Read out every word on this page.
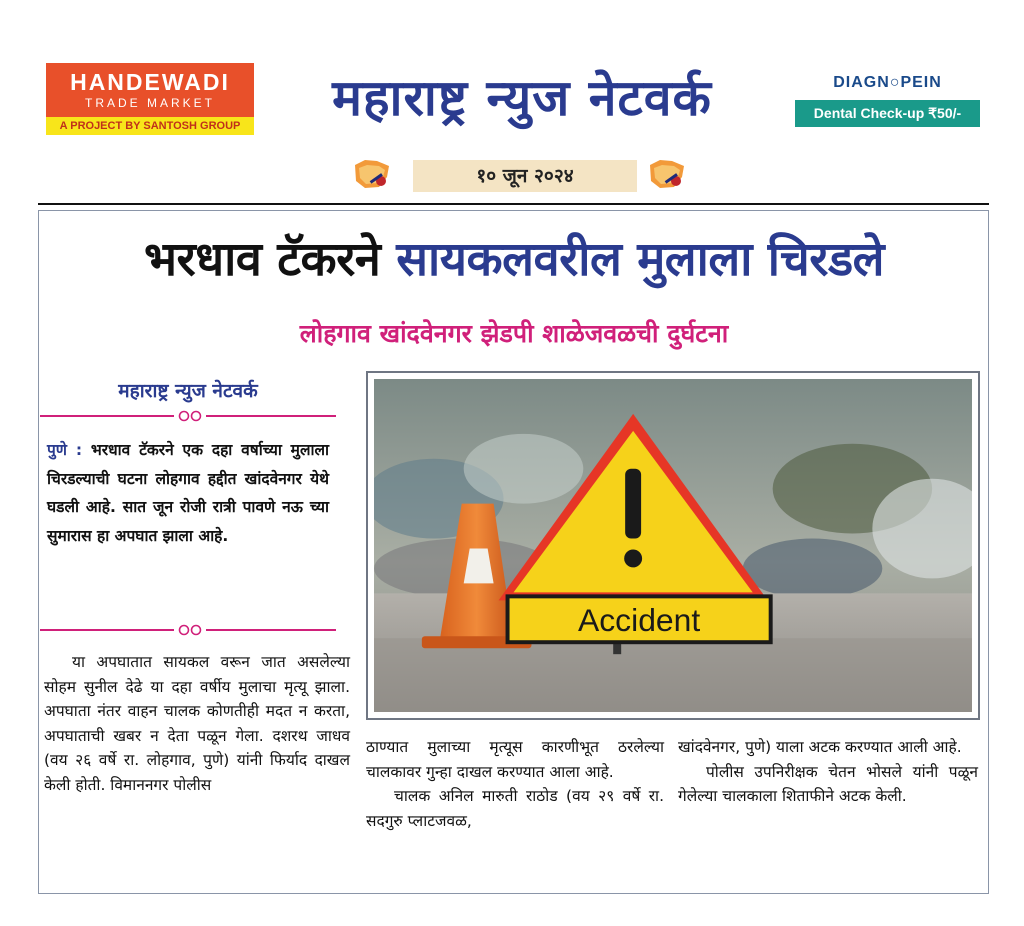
HANDEWADI
TRADE MARKET
A PROJECT BY SANTOSH GROUP	महाराष्ट्र न्युज नेटवर्क	DIAGN○PEIN
Dental Check-up ₹50/-
१० जून २०२४
भरधाव टॅकरने सायकलवरील मुलाला चिरडले
लोहगाव खांदवेनगर झेडपी शाळेजवळची दुर्घटना
महाराष्ट्र न्युज नेटवर्क
पुणे : भरधाव टॅकरने एक दहा वर्षाच्या मुलाला चिरडल्याची घटना लोहगाव हद्दीत खांदवेनगर येथे घडली आहे. सात जून रोजी रात्री पावणे नऊ च्या सुमारास हा अपघात झाला आहे.
या अपघातात सायकल वरून जात असलेल्या सोहम सुनील देढे या दहा वर्षीय मुलाचा मृत्यू झाला. अपघाता नंतर वाहन चालक कोणतीही मदत न करता, अपघाताची खबर न देता पळून गेला. दशरथ जाधव (वय २६ वर्षे रा. लोहगाव, पुणे) यांनी फिर्याद दाखल केली होती. विमाननगर पोलीस
Accident
ठाण्यात मुलाच्या मृत्यूस कारणीभूत ठरलेल्या चालकावर गुन्हा दाखल करण्यात आला आहे.
चालक अनिल मारुती राठोड (वय २९ वर्षे रा. सदगुरु प्लाटजवळ,
खांदवेनगर, पुणे) याला अटक करण्यात आली आहे.
पोलीस उपनिरीक्षक चेतन भोसले यांनी पळून गेलेल्या चालकाला शिताफीने अटक केली.
